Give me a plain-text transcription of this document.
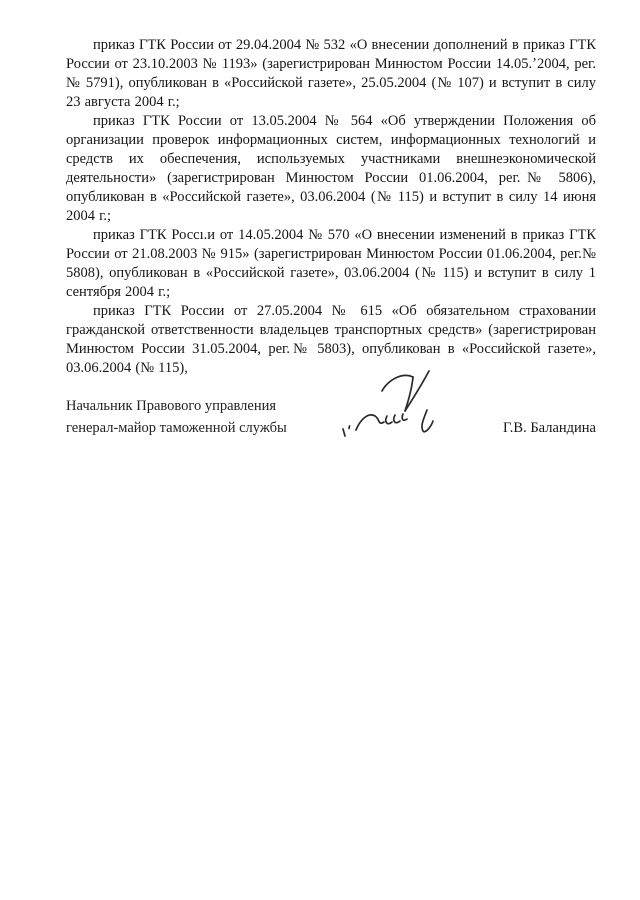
приказ ГТК России от 29.04.2004 № 532 «О внесении дополнений в приказ ГТК России от 23.10.2003 № 1193» (зарегистрирован Минюстом России 14.05.ʼ2004, рег.№ 5791), опубликован в «Российской газете», 25.05.2004 (№ 107) и вступит в силу 23 августа 2004 г.;

приказ ГТК России от 13.05.2004 № 564 «Об утверждении Положения об организации проверок информационных систем, информационных технологий и средств их обеспечения, используемых участниками внешнеэкономической деятельности» (зарегистрирован Минюстом России 01.06.2004, рег.№ 5806), опубликован в «Российской газете», 03.06.2004 (№ 115) и вступит в силу 14 июня 2004 г.;

приказ ГТК Россı.и от 14.05.2004 № 570 «О внесении изменений в приказ ГТК России от 21.08.2003 № 915» (зарегистрирован Минюстом России 01.06.2004, рег.№ 5808), опубликован в «Российской газете», 03.06.2004 (№ 115) и вступит в силу 1 сентября 2004 г.;

приказ ГТК России от 27.05.2004 № 615 «Об обязательном страховании гражданской ответственности владельцев транспортных средств» (зарегистрирован Минюстом России 31.05.2004, рег.№ 5803), опубликован в «Российской газете», 03.06.2004 (№ 115),

Начальник Правового управления
генерал-майор таможенной службы	Г.В. Баландина
